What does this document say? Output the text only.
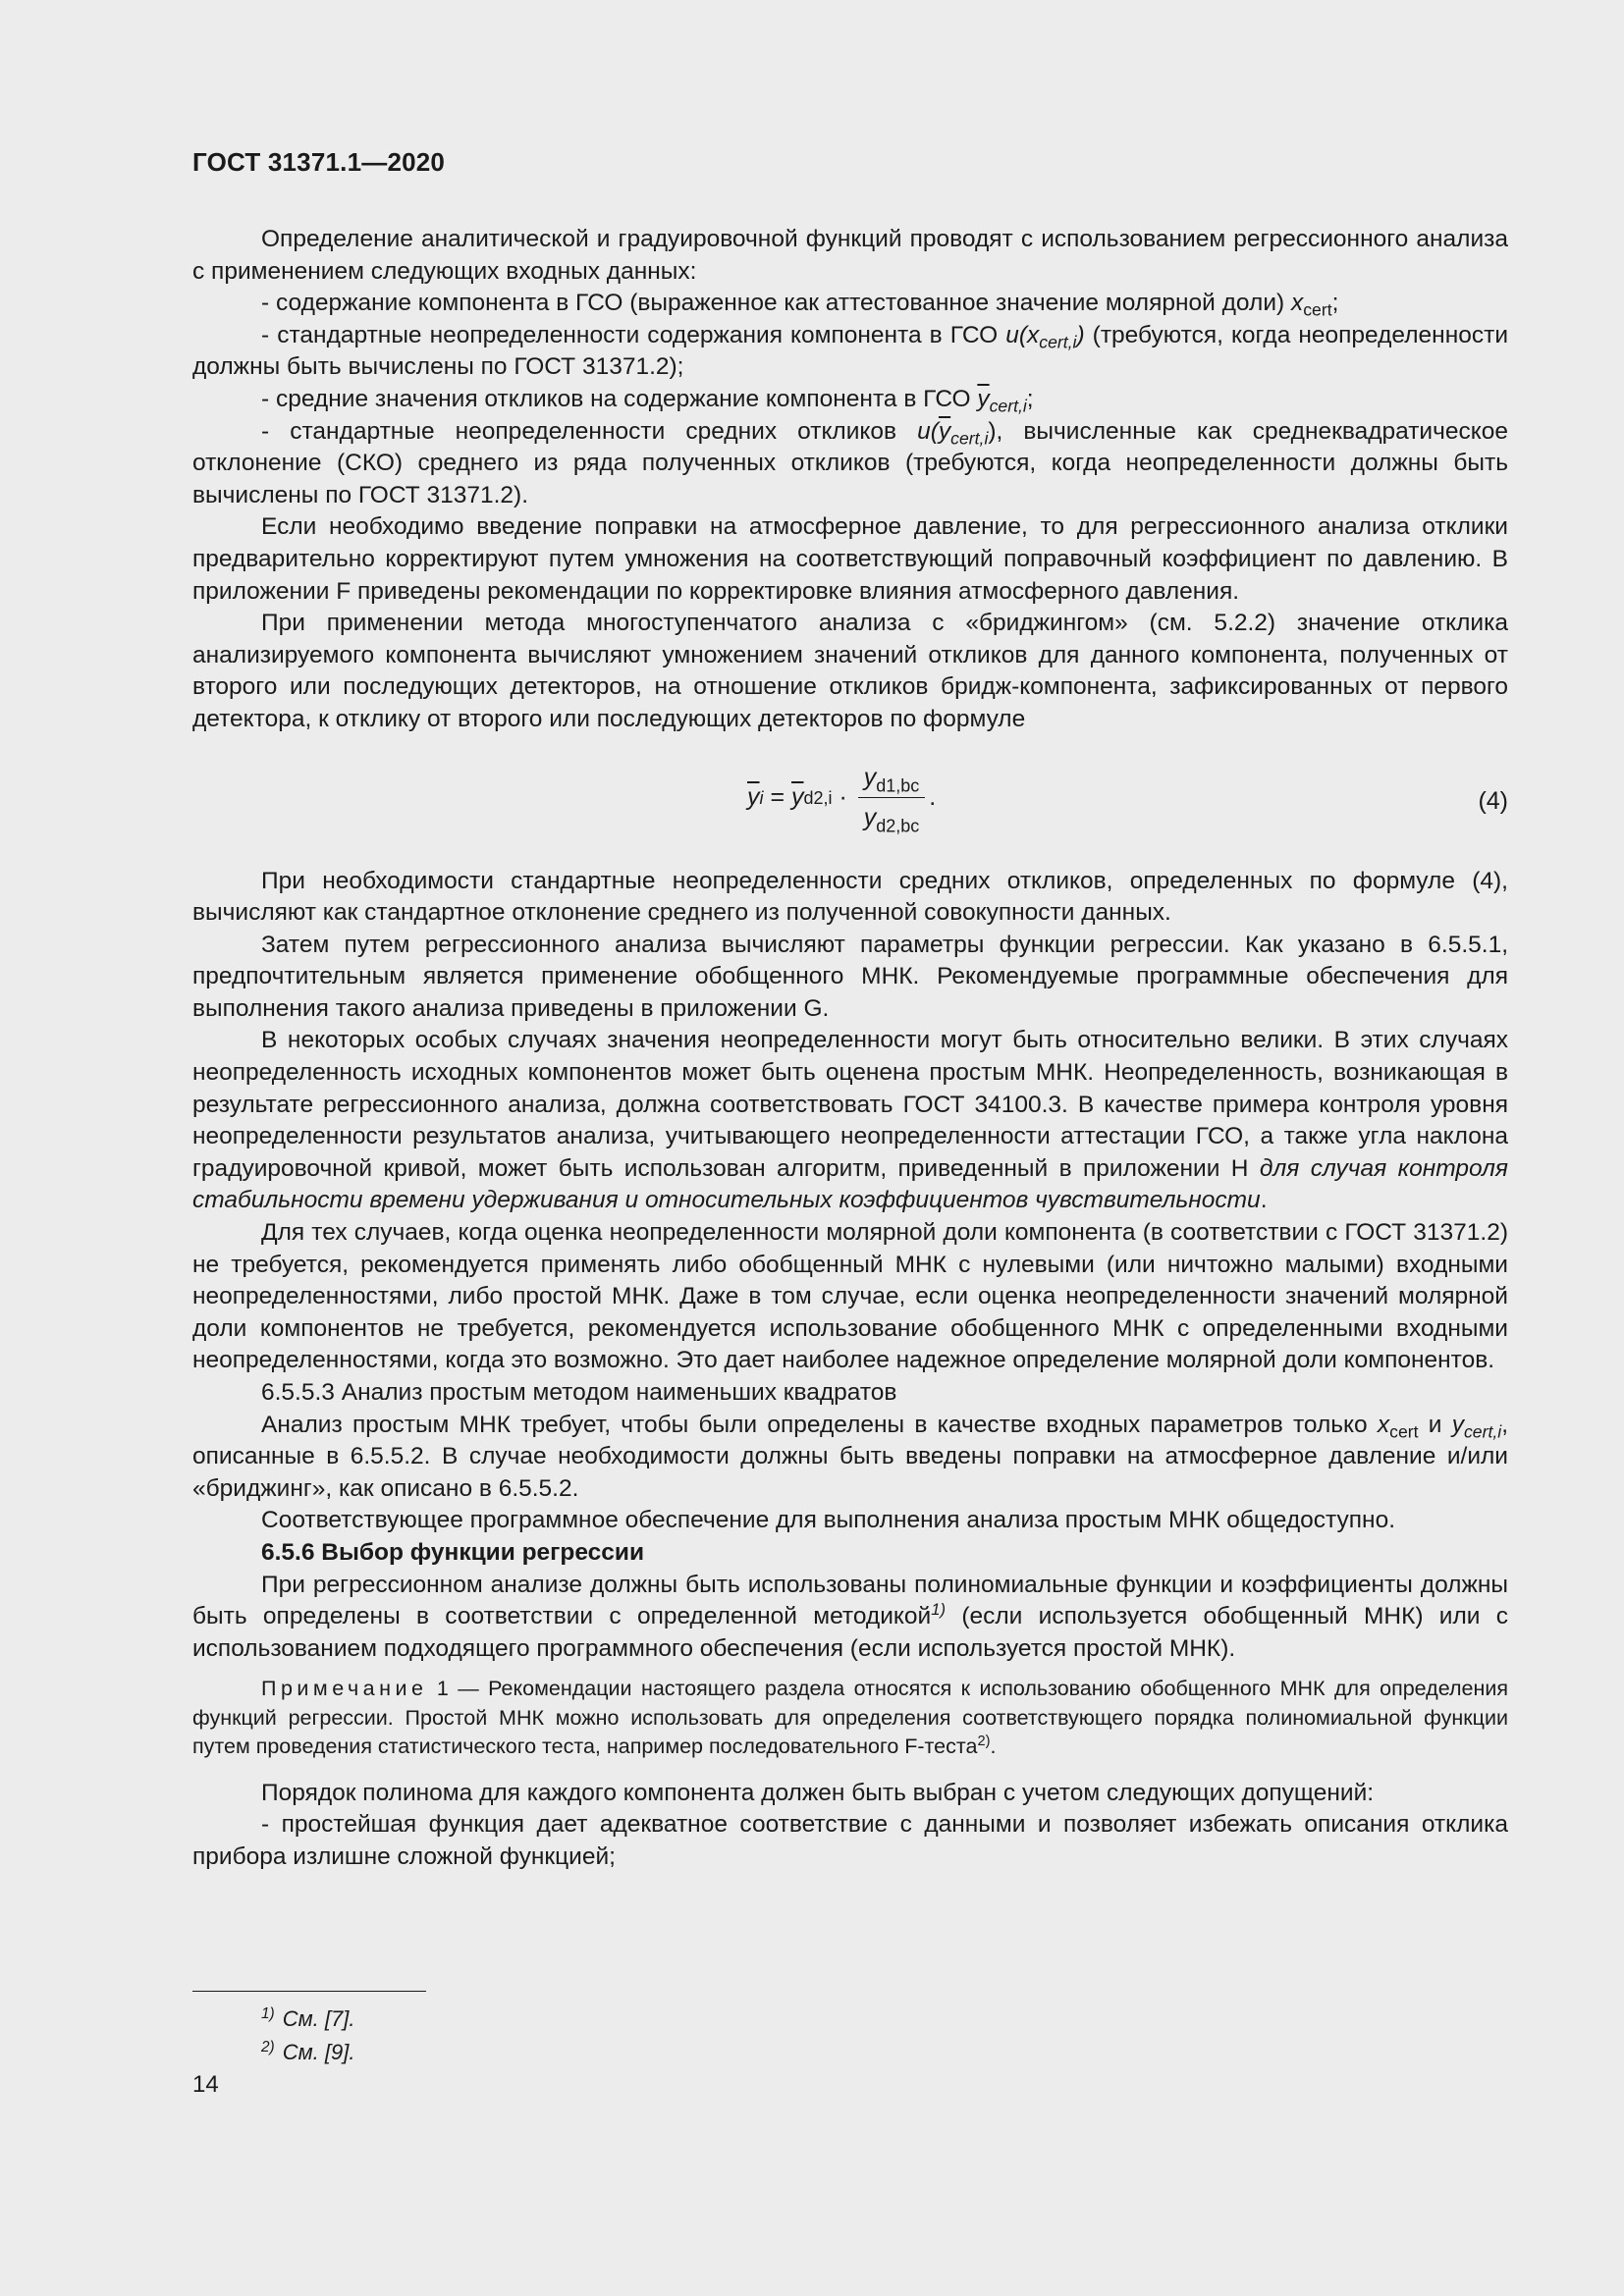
ГОСТ 31371.1—2020

Определение аналитической и градуировочной функций проводят с использованием регрессионного анализа с применением следующих входных данных:

- содержание компонента в ГСО (выраженное как аттестованное значение молярной доли) $x_{cert}$;

- стандартные неопределенности содержания компонента в ГСО $u(x_{cert,i})$ (требуются, когда неопределенности должны быть вычислены по ГОСТ 31371.2);

- средние значения откликов на содержание компонента в ГСО $\overline{y}_{cert,i}$;

- стандартные неопределенности средних откликов $u(\overline{y}_{cert,i})$, вычисленные как среднеквадратическое отклонение (СКО) среднего из ряда полученных откликов (требуются, когда неопределенности должны быть вычислены по ГОСТ 31371.2).

Если необходимо введение поправки на атмосферное давление, то для регрессионного анализа отклики предварительно корректируют путем умножения на соответствующий поправочный коэффициент по давлению. В приложении F приведены рекомендации по корректировке влияния атмосферного давления.

При применении метода многоступенчатого анализа с «бриджингом» (см. 5.2.2) значение отклика анализируемого компонента вычисляют умножением значений откликов для данного компонента, полученных от второго или последующих детекторов, на отношение откликов бридж-компонента, зафиксированных от первого детектора, к отклику от второго или последующих детекторов по формуле

$\overline{y}$ $i = \overline{y}$ $d2,i \cdot \frac{y_{d1,bc}}{y_{d2,bc}}$ .	(4)

При необходимости стандартные неопределенности средних откликов, определенных по формуле (4), вычисляют как стандартное отклонение среднего из полученной совокупности данных.

Затем путем регрессионного анализа вычисляют параметры функции регрессии. Как указано в 6.5.5.1, предпочтительным является применение обобщенного МНК. Рекомендуемые программные обеспечения для выполнения такого анализа приведены в приложении G.

В некоторых особых случаях значения неопределенности могут быть относительно велики. В этих случаях неопределенность исходных компонентов может быть оценена простым МНК. Неопределенность, возникающая в результате регрессионного анализа, должна соответствовать ГОСТ 34100.3. В качестве примера контроля уровня неопределенности результатов анализа, учитывающего неопределенности аттестации ГСО, а также угла наклона градуировочной кривой, может быть использован алгоритм, приведенный в приложении H для случая контроля стабильности времени удерживания и относительных коэффициентов чувствительности.

Для тех случаев, когда оценка неопределенности молярной доли компонента (в соответствии с ГОСТ 31371.2) не требуется, рекомендуется применять либо обобщенный МНК с нулевыми (или ничтожно малыми) входными неопределенностями, либо простой МНК. Даже в том случае, если оценка неопределенности значений молярной доли компонентов не требуется, рекомендуется использование обобщенного МНК с определенными входными неопределенностями, когда это возможно. Это дает наиболее надежное определение молярной доли компонентов.

6.5.5.3 Анализ простым методом наименьших квадратов

Анализ простым МНК требует, чтобы были определены в качестве входных параметров только $x_{cert}$ и $y_{cert,i}$, описанные в 6.5.5.2. В случае необходимости должны быть введены поправки на атмосферное давление и/или «бриджинг», как описано в 6.5.5.2.

Соответствующее программное обеспечение для выполнения анализа простым МНК общедоступно.

6.5.6 Выбор функции регрессии

При регрессионном анализе должны быть использованы полиномиальные функции и коэффициенты должны быть определены в соответствии с определенной методикой$^{1)}$ (если используется обобщенный МНК) или с использованием подходящего программного обеспечения (если используется простой МНК).

Примечание 1 — Рекомендации настоящего раздела относятся к использованию обобщенного МНК для определения функций регрессии. Простой МНК можно использовать для определения соответствующего порядка полиномиальной функции путем проведения статистического теста, например последовательного F-теста$^{2)}$.

Порядок полинома для каждого компонента должен быть выбран с учетом следующих допущений:

- простейшая функция дает адекватное соответствие с данными и позволяет избежать описания отклика прибора излишне сложной функцией;

$^{1)}$ См. [7].
$^{2)}$ См. [9].
14
